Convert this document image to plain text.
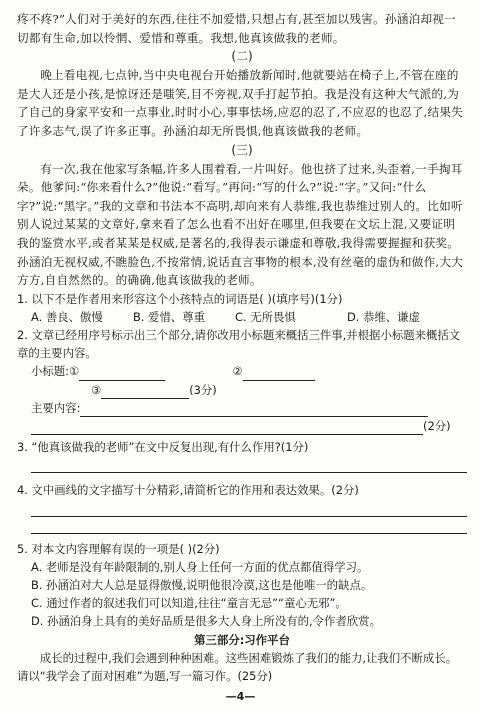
疼不疼?”人们对于美好的东西,往往不加爱惜,只想占有,甚至加以残害。孙涵泊却视一切都有生命,加以怜惘、爱惜和尊重。我想,他真该做我的老师。

(二)

晚上看电视,七点钟,当中央电视台开始播放新闻时,他就要站在椅子上,不管在座的是大人还是小孩,是惊讶还是嗤笑,目不旁视,双手打起节拍。我是没有这种大气派的,为了自己的身家平安和一点事业,时时小心,事事怯场,应忍的忍了,不应忍的也忍了,结果失了许多志气,误了许多正事。孙涵泊却无所畏惧,他真该做我的老师。

(三)

有一次,我在他家写条幅,许多人围着看,一片叫好。他也挤了过来,头歪着,一手掏耳朵。他爹问:“你来看什么?”他说:“看写。”再问:“写的什么?”说:“字。”又问:“什么字?”说:“黑字。”我的文章和书法本不高明,却向来有人恭维,我也恭维过别人的。比如听别人说过某某的文章好,拿来看了怎么也看不出好在哪里,但我要在文坛上混,又要证明我的鉴赏水平,或者某某是权威,是著名的,我得表示谦虚和尊敬,我得需要握握和获奖。孙涵泊无视权威,不瞧脸色,不按常情,说话直言事物的根本,没有丝毫的虚伪和做作,大大方方,自自然然的。的确确,他真该做我的老师。

1. 以下不是作者用来形容这个小孩特点的词语是( )(填序号)(1分)

A. 善良、傲慢	B. 爱惜、尊重	C. 无所畏惧	D. 恭维、谦虚

2. 文章已经用序号标示出三个部分,请你改用小标题来概括三件事,并根据小标题来概括文章的主要内容。

小标题:①	②
③	(3分)
主要内容:
(2分)

3. “他真该做我的老师”在文中反复出现,有什么作用?(1分)

4. 文中画线的文字描写十分精彩,请简析它的作用和表达效果。(2分)

5. 对本文内容理解有误的一项是( )(2分)

A. 老师是没有年龄限制的,别人身上任何一方面的优点都值得学习。

B. 孙涵泊对大人总是显得傲慢,说明他很冷漠,这也是他唯一的缺点。

C. 通过作者的叙述我们可以知道,往往“童言无忌”“童心无邪”。

D. 孙涵泊身上具有的美好品质是很多大人身上所没有的,令作者欣赏。

第三部分:习作平台

成长的过程中,我们会遇到种种困难。这些困难锻炼了我们的能力,让我们不断成长。请以“我学会了面对困难”为题,写一篇习作。(25分)

—4—
